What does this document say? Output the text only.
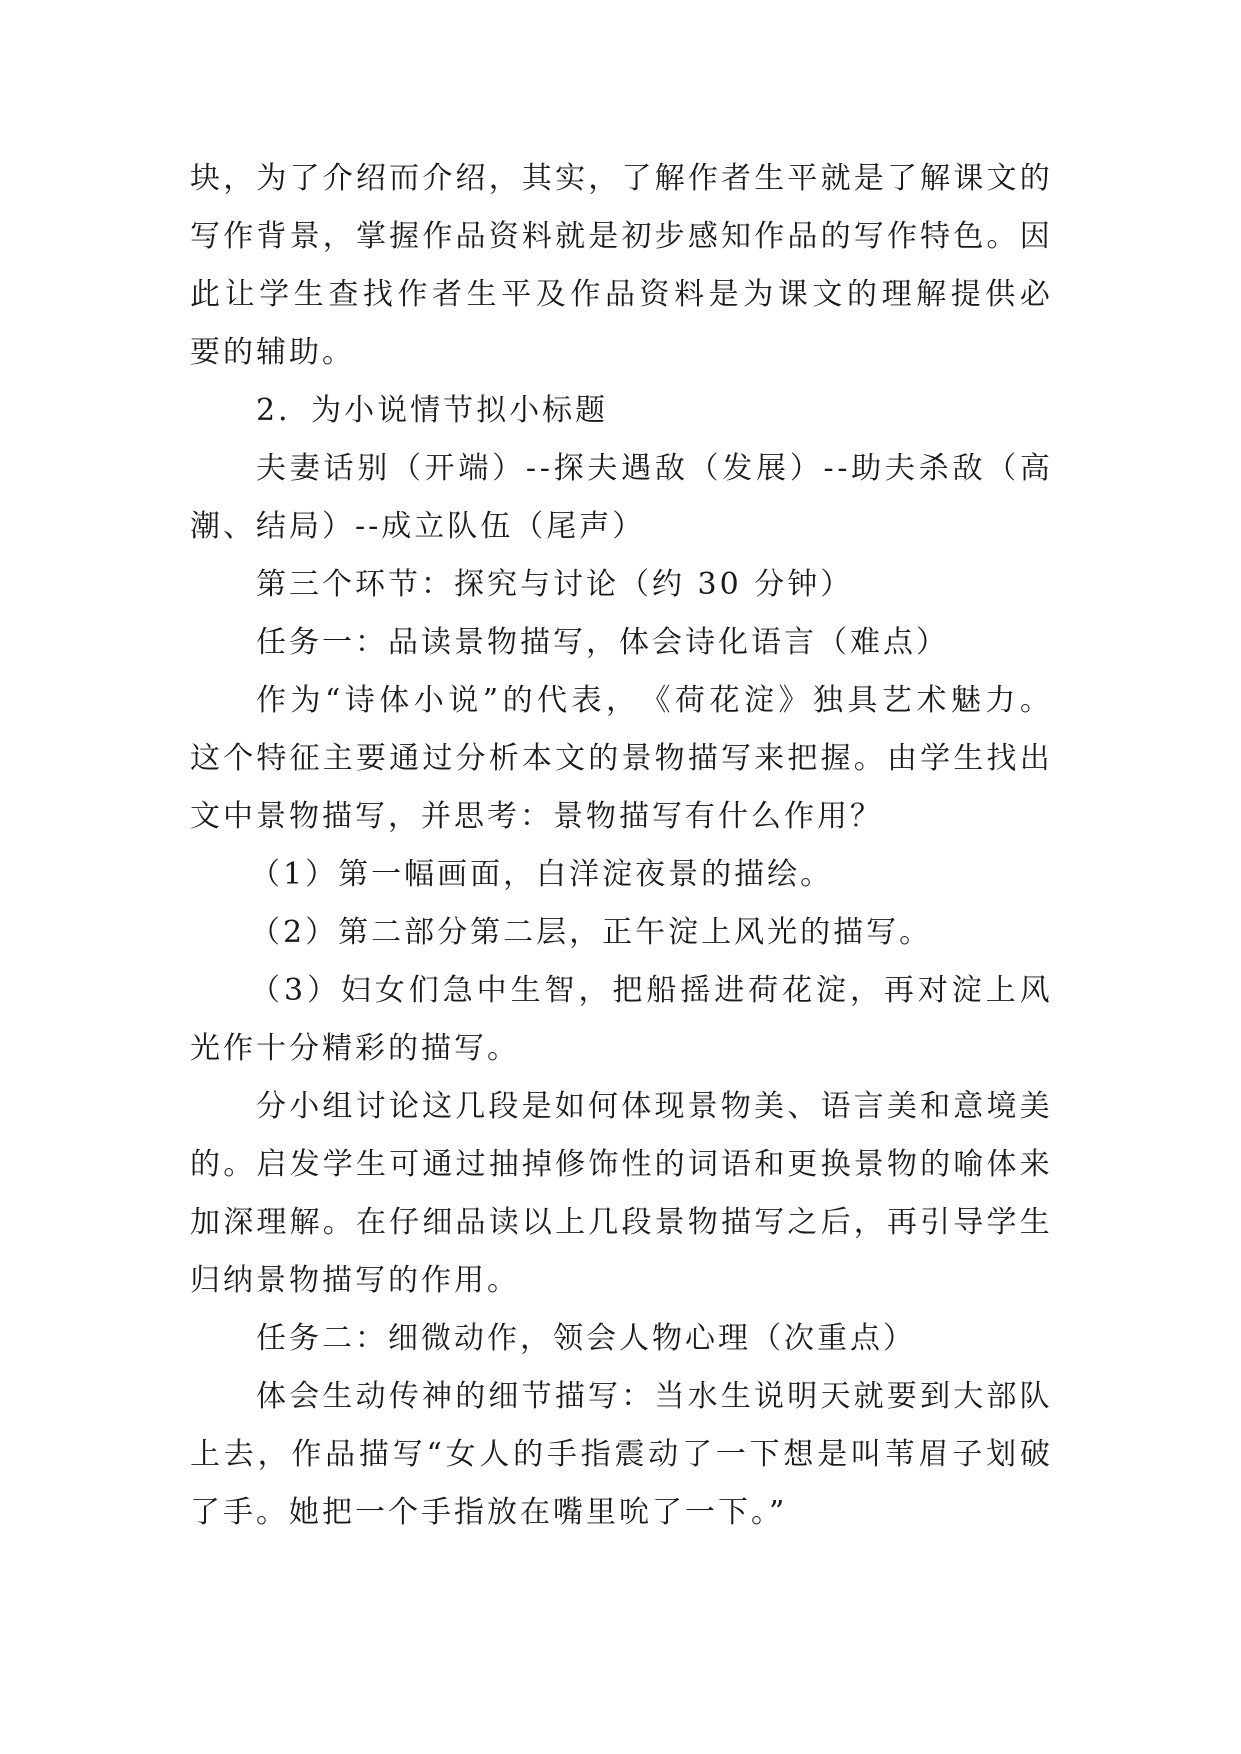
块 ， 为 了 介 绍 而 介 绍 ， 其 实 ， 了 解 作 者 生 平 就 是 了 解 课 文 的
写 作 背 景 ， 掌 握 作 品 资 料 就 是 初 步 感 知 作 品 的 写 作 特 色 。 因
此 让 学 生 查 找 作 者 生 平 及 作 品 资 料 是 为 课 文 的 理 解 提 供 必
要的辅助。
2．为小说情节拟小标题
夫 妻 话 别 （ 开 端 ） - - 探 夫 遇 敌 （ 发 展 ） - - 助 夫 杀 敌 （ 高
潮、结局）--成立队伍（尾声）
第三个环节：探究与讨论（约 30 分钟）
任务一：品读景物描写，体会诗化语言（难点）
作 为 “ 诗 体 小 说 ” 的 代 表 ， 《 荷 花 淀 》 独 具 艺 术 魅 力 。
这 个 特 征 主 要 通 过 分 析 本 文 的 景 物 描 写 来 把 握 。 由 学 生 找 出
文中景物描写，并思考：景物描写有什么作用？
（1）第一幅画面，白洋淀夜景的描绘。
（2）第二部分第二层，正午淀上风光的描写。
（ 3 ） 妇 女 们 急 中 生 智 ， 把 船 摇 进 荷 花 淀 ， 再 对 淀 上 风
光作十分精彩的描写。
分 小 组 讨 论 这 几 段 是 如 何 体 现 景 物 美 、 语 言 美 和 意 境 美
的 。 启 发 学 生 可 通 过 抽 掉 修 饰 性 的 词 语 和 更 换 景 物 的 喻 体 来
加 深 理 解 。 在 仔 细 品 读 以 上 几 段 景 物 描 写 之 后 ， 再 引 导 学 生
归纳景物描写的作用。
任务二：细微动作，领会人物心理（次重点）
体 会 生 动 传 神 的 细 节 描 写 ： 当 水 生 说 明 天 就 要 到 大 部 队
上 去 ， 作 品 描 写 “ 女 人 的 手 指 震 动 了 一 下 想 是 叫 苇 眉 子 划 破
了手。她把一个手指放在嘴里吮了一下。”
